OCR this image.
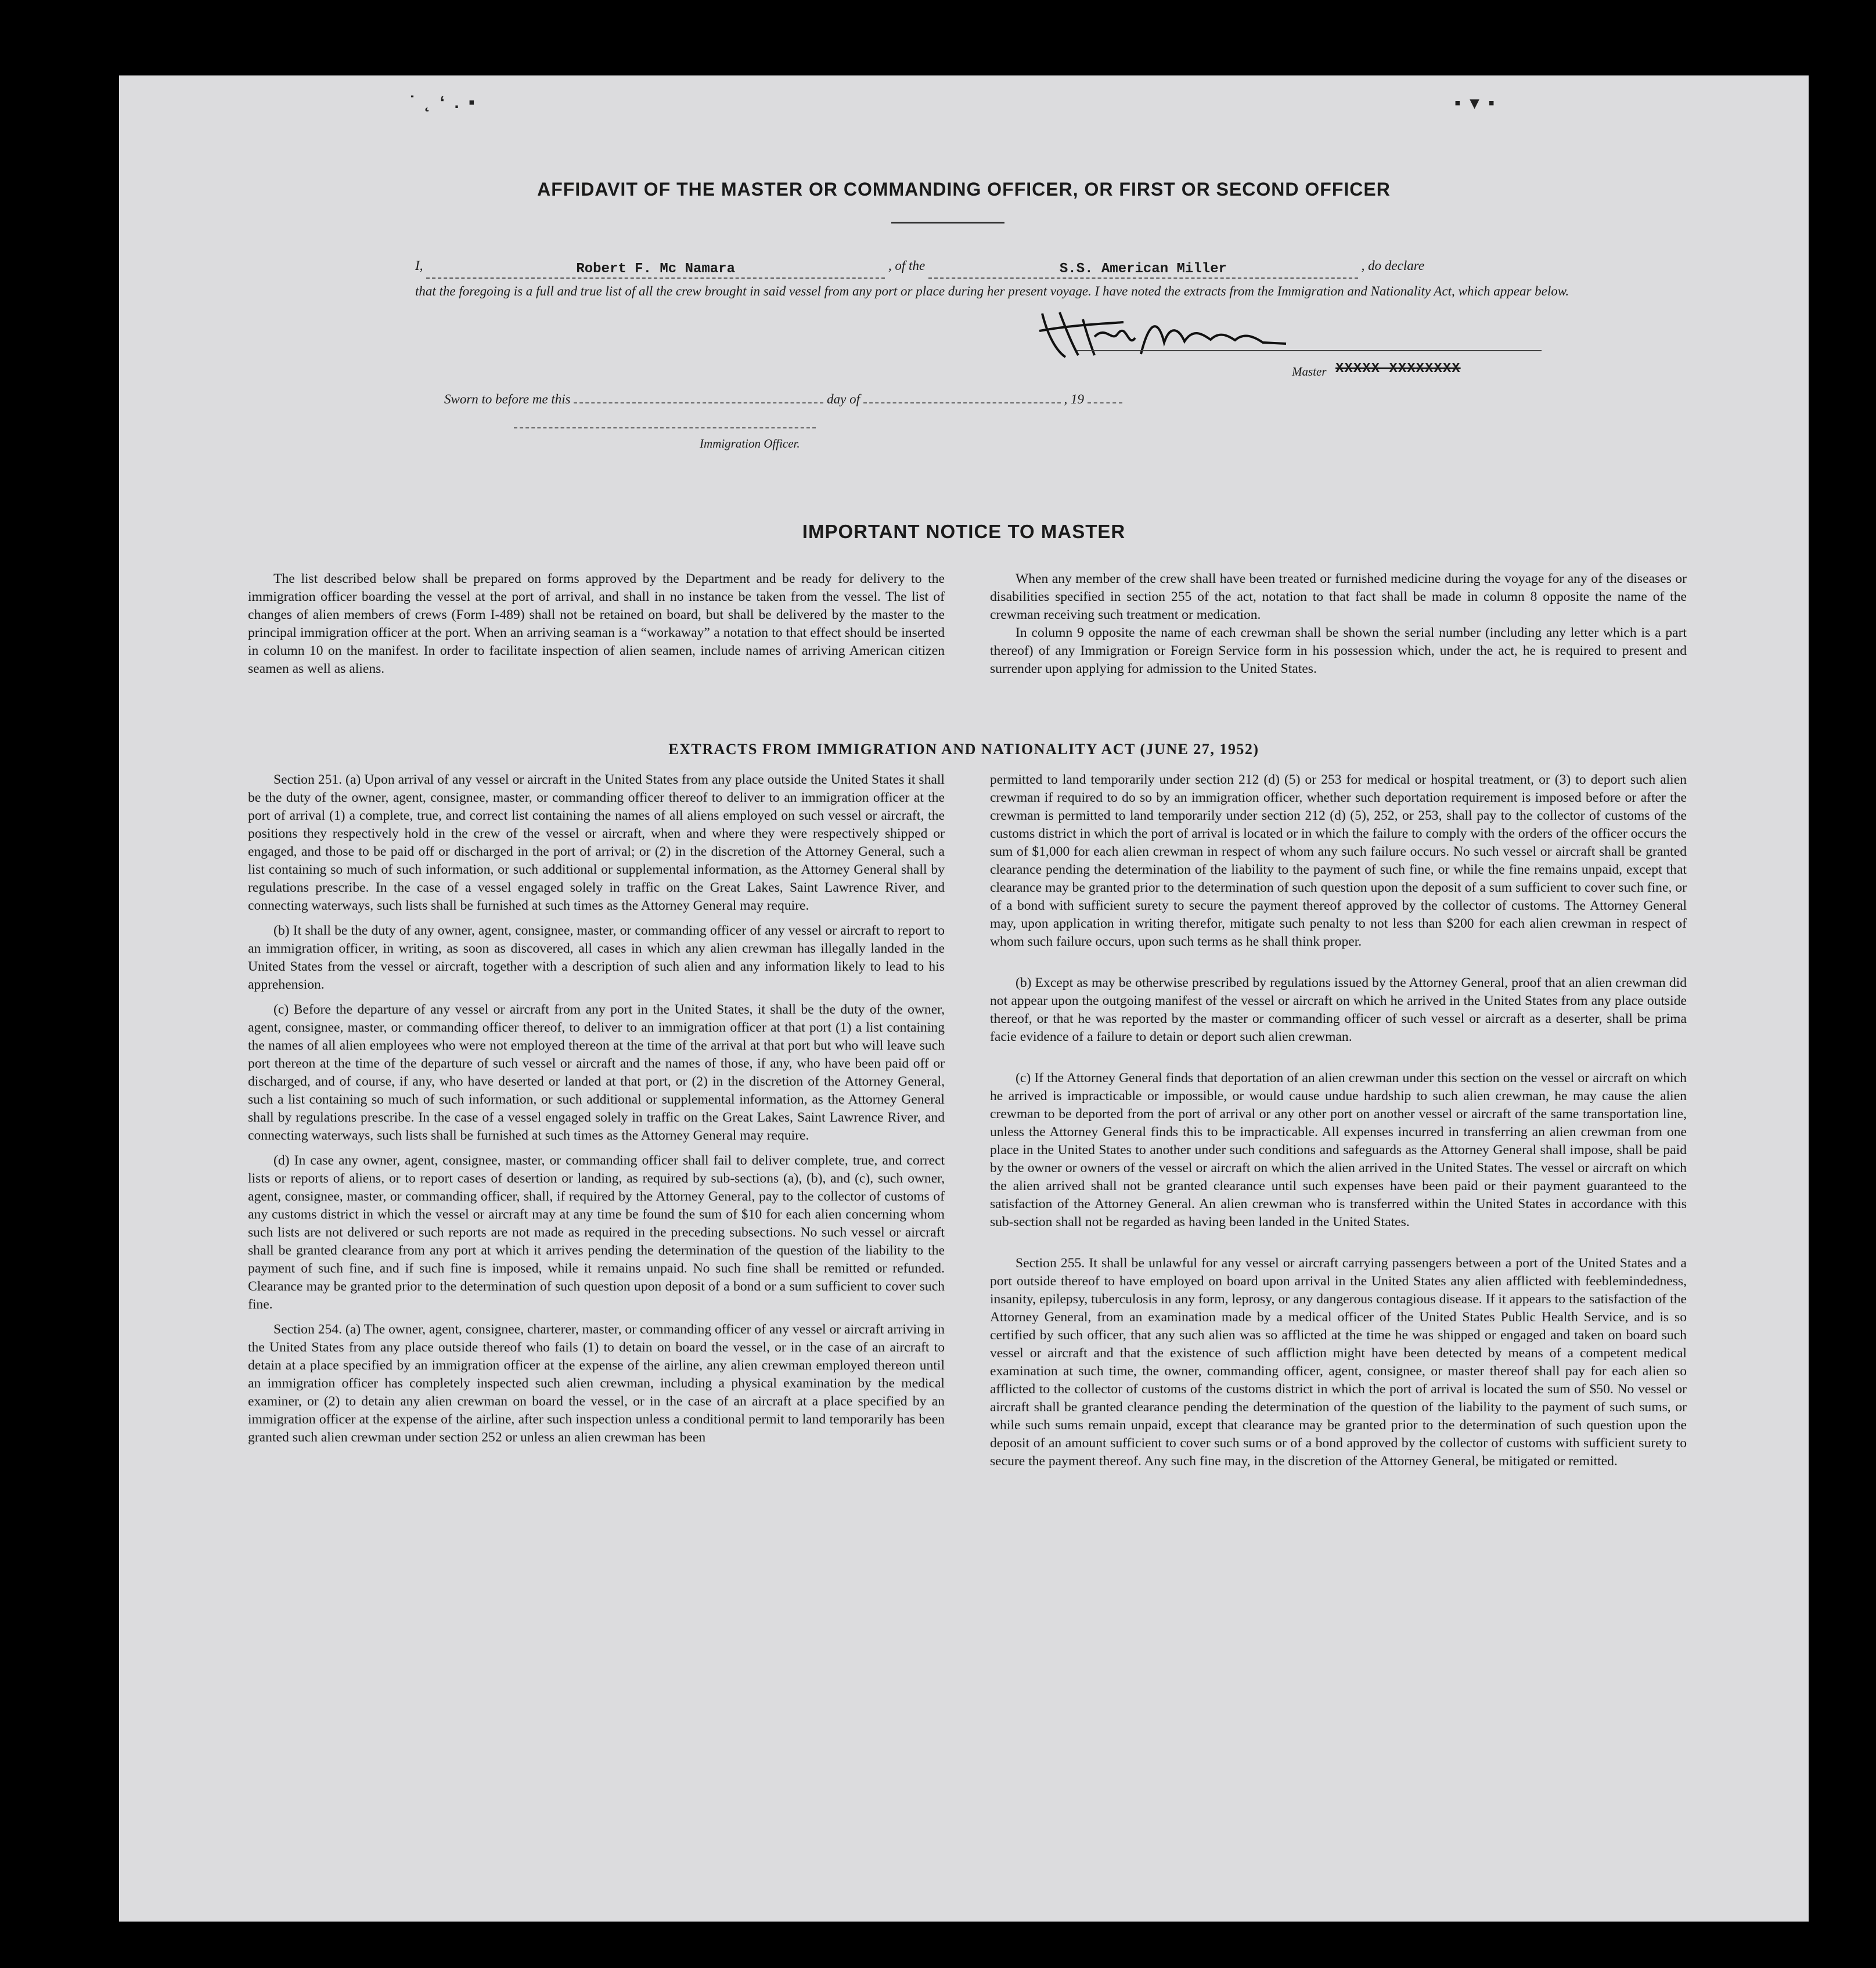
˙ ˛ ‘ . ▪	▪ ▾ ▪
AFFIDAVIT OF THE MASTER OR COMMANDING OFFICER, OR FIRST OR SECOND OFFICER
I,	Robert F. Mc Namara	, of the	S.S. American Miller	, do declare
that the foregoing is a full and true list of all the crew brought in said vessel from any port or place during her present voyage. I have noted the extracts from the Immigration and Nationality Act, which appear below.
Master XXXXX XXXXXXXX
Sworn to before me this	day of	, 19
Immigration Officer.
IMPORTANT NOTICE TO MASTER

The list described below shall be prepared on forms approved by the Department and be ready for delivery to the immigration officer boarding the vessel at the port of arrival, and shall in no instance be taken from the vessel. The list of changes of alien members of crews (Form I-489) shall not be retained on board, but shall be delivered by the master to the principal immigration officer at the port. When an arriving seaman is a “workaway” a notation to that effect should be inserted in column 10 on the manifest. In order to facilitate inspection of alien seamen, include names of arriving American citizen seamen as well as aliens.

When any member of the crew shall have been treated or furnished medicine during the voyage for any of the diseases or disabilities specified in section 255 of the act, notation to that fact shall be made in column 8 opposite the name of the crewman receiving such treatment or medication.

In column 9 opposite the name of each crewman shall be shown the serial number (including any letter which is a part thereof) of any Immigration or Foreign Service form in his possession which, under the act, he is required to present and surrender upon applying for admission to the United States.

EXTRACTS FROM IMMIGRATION AND NATIONALITY ACT (JUNE 27, 1952)

Section 251. (a) Upon arrival of any vessel or aircraft in the United States from any place outside the United States it shall be the duty of the owner, agent, consignee, master, or commanding officer thereof to deliver to an immigration officer at the port of arrival (1) a complete, true, and correct list containing the names of all aliens employed on such vessel or aircraft, the positions they respectively hold in the crew of the vessel or aircraft, when and where they were respectively shipped or engaged, and those to be paid off or discharged in the port of arrival; or (2) in the discretion of the Attorney General, such a list containing so much of such information, or such additional or supplemental information, as the Attorney General shall by regulations prescribe. In the case of a vessel engaged solely in traffic on the Great Lakes, Saint Lawrence River, and connecting waterways, such lists shall be furnished at such times as the Attorney General may require.

(b) It shall be the duty of any owner, agent, consignee, master, or commanding officer of any vessel or aircraft to report to an immigration officer, in writing, as soon as discovered, all cases in which any alien crewman has illegally landed in the United States from the vessel or aircraft, together with a description of such alien and any information likely to lead to his apprehension.

(c) Before the departure of any vessel or aircraft from any port in the United States, it shall be the duty of the owner, agent, consignee, master, or commanding officer thereof, to deliver to an immigration officer at that port (1) a list containing the names of all alien employees who were not employed thereon at the time of the arrival at that port but who will leave such port thereon at the time of the departure of such vessel or aircraft and the names of those, if any, who have been paid off or discharged, and of course, if any, who have deserted or landed at that port, or (2) in the discretion of the Attorney General, such a list containing so much of such information, or such additional or supplemental information, as the Attorney General shall by regulations prescribe. In the case of a vessel engaged solely in traffic on the Great Lakes, Saint Lawrence River, and connecting waterways, such lists shall be furnished at such times as the Attorney General may require.

(d) In case any owner, agent, consignee, master, or commanding officer shall fail to deliver complete, true, and correct lists or reports of aliens, or to report cases of desertion or landing, as required by sub-sections (a), (b), and (c), such owner, agent, consignee, master, or commanding officer, shall, if required by the Attorney General, pay to the collector of customs of any customs district in which the vessel or aircraft may at any time be found the sum of $10 for each alien concerning whom such lists are not delivered or such reports are not made as required in the preceding subsections. No such vessel or aircraft shall be granted clearance from any port at which it arrives pending the determination of the question of the liability to the payment of such fine, and if such fine is imposed, while it remains unpaid. No such fine shall be remitted or refunded. Clearance may be granted prior to the determination of such question upon deposit of a bond or a sum sufficient to cover such fine.

Section 254. (a) The owner, agent, consignee, charterer, master, or commanding officer of any vessel or aircraft arriving in the United States from any place outside thereof who fails (1) to detain on board the vessel, or in the case of an aircraft to detain at a place specified by an immigration officer at the expense of the airline, any alien crewman employed thereon until an immigration officer has completely inspected such alien crewman, including a physical examination by the medical examiner, or (2) to detain any alien crewman on board the vessel, or in the case of an aircraft at a place specified by an immigration officer at the expense of the airline, after such inspection unless a conditional permit to land temporarily has been granted such alien crewman under section 252 or unless an alien crewman has been

permitted to land temporarily under section 212 (d) (5) or 253 for medical or hospital treatment, or (3) to deport such alien crewman if required to do so by an immigration officer, whether such deportation requirement is imposed before or after the crewman is permitted to land temporarily under section 212 (d) (5), 252, or 253, shall pay to the collector of customs of the customs district in which the port of arrival is located or in which the failure to comply with the orders of the officer occurs the sum of $1,000 for each alien crewman in respect of whom any such failure occurs. No such vessel or aircraft shall be granted clearance pending the determination of the liability to the payment of such fine, or while the fine remains unpaid, except that clearance may be granted prior to the determination of such question upon the deposit of a sum sufficient to cover such fine, or of a bond with sufficient surety to secure the payment thereof approved by the collector of customs. The Attorney General may, upon application in writing therefor, mitigate such penalty to not less than $200 for each alien crewman in respect of whom such failure occurs, upon such terms as he shall think proper.

(b) Except as may be otherwise prescribed by regulations issued by the Attorney General, proof that an alien crewman did not appear upon the outgoing manifest of the vessel or aircraft on which he arrived in the United States from any place outside thereof, or that he was reported by the master or commanding officer of such vessel or aircraft as a deserter, shall be prima facie evidence of a failure to detain or deport such alien crewman.

(c) If the Attorney General finds that deportation of an alien crewman under this section on the vessel or aircraft on which he arrived is impracticable or impossible, or would cause undue hardship to such alien crewman, he may cause the alien crewman to be deported from the port of arrival or any other port on another vessel or aircraft of the same transportation line, unless the Attorney General finds this to be impracticable. All expenses incurred in transferring an alien crewman from one place in the United States to another under such conditions and safeguards as the Attorney General shall impose, shall be paid by the owner or owners of the vessel or aircraft on which the alien arrived in the United States. The vessel or aircraft on which the alien arrived shall not be granted clearance until such expenses have been paid or their payment guaranteed to the satisfaction of the Attorney General. An alien crewman who is transferred within the United States in accordance with this sub-section shall not be regarded as having been landed in the United States.

Section 255. It shall be unlawful for any vessel or aircraft carrying passengers between a port of the United States and a port outside thereof to have employed on board upon arrival in the United States any alien afflicted with feeblemindedness, insanity, epilepsy, tuberculosis in any form, leprosy, or any dangerous contagious disease. If it appears to the satisfaction of the Attorney General, from an examination made by a medical officer of the United States Public Health Service, and is so certified by such officer, that any such alien was so afflicted at the time he was shipped or engaged and taken on board such vessel or aircraft and that the existence of such affliction might have been detected by means of a competent medical examination at such time, the owner, commanding officer, agent, consignee, or master thereof shall pay for each alien so afflicted to the collector of customs of the customs district in which the port of arrival is located the sum of $50. No vessel or aircraft shall be granted clearance pending the determination of the question of the liability to the payment of such sums, or while such sums remain unpaid, except that clearance may be granted prior to the determination of such question upon the deposit of an amount sufficient to cover such sums or of a bond approved by the collector of customs with sufficient surety to secure the payment thereof. Any such fine may, in the discretion of the Attorney General, be mitigated or remitted.
